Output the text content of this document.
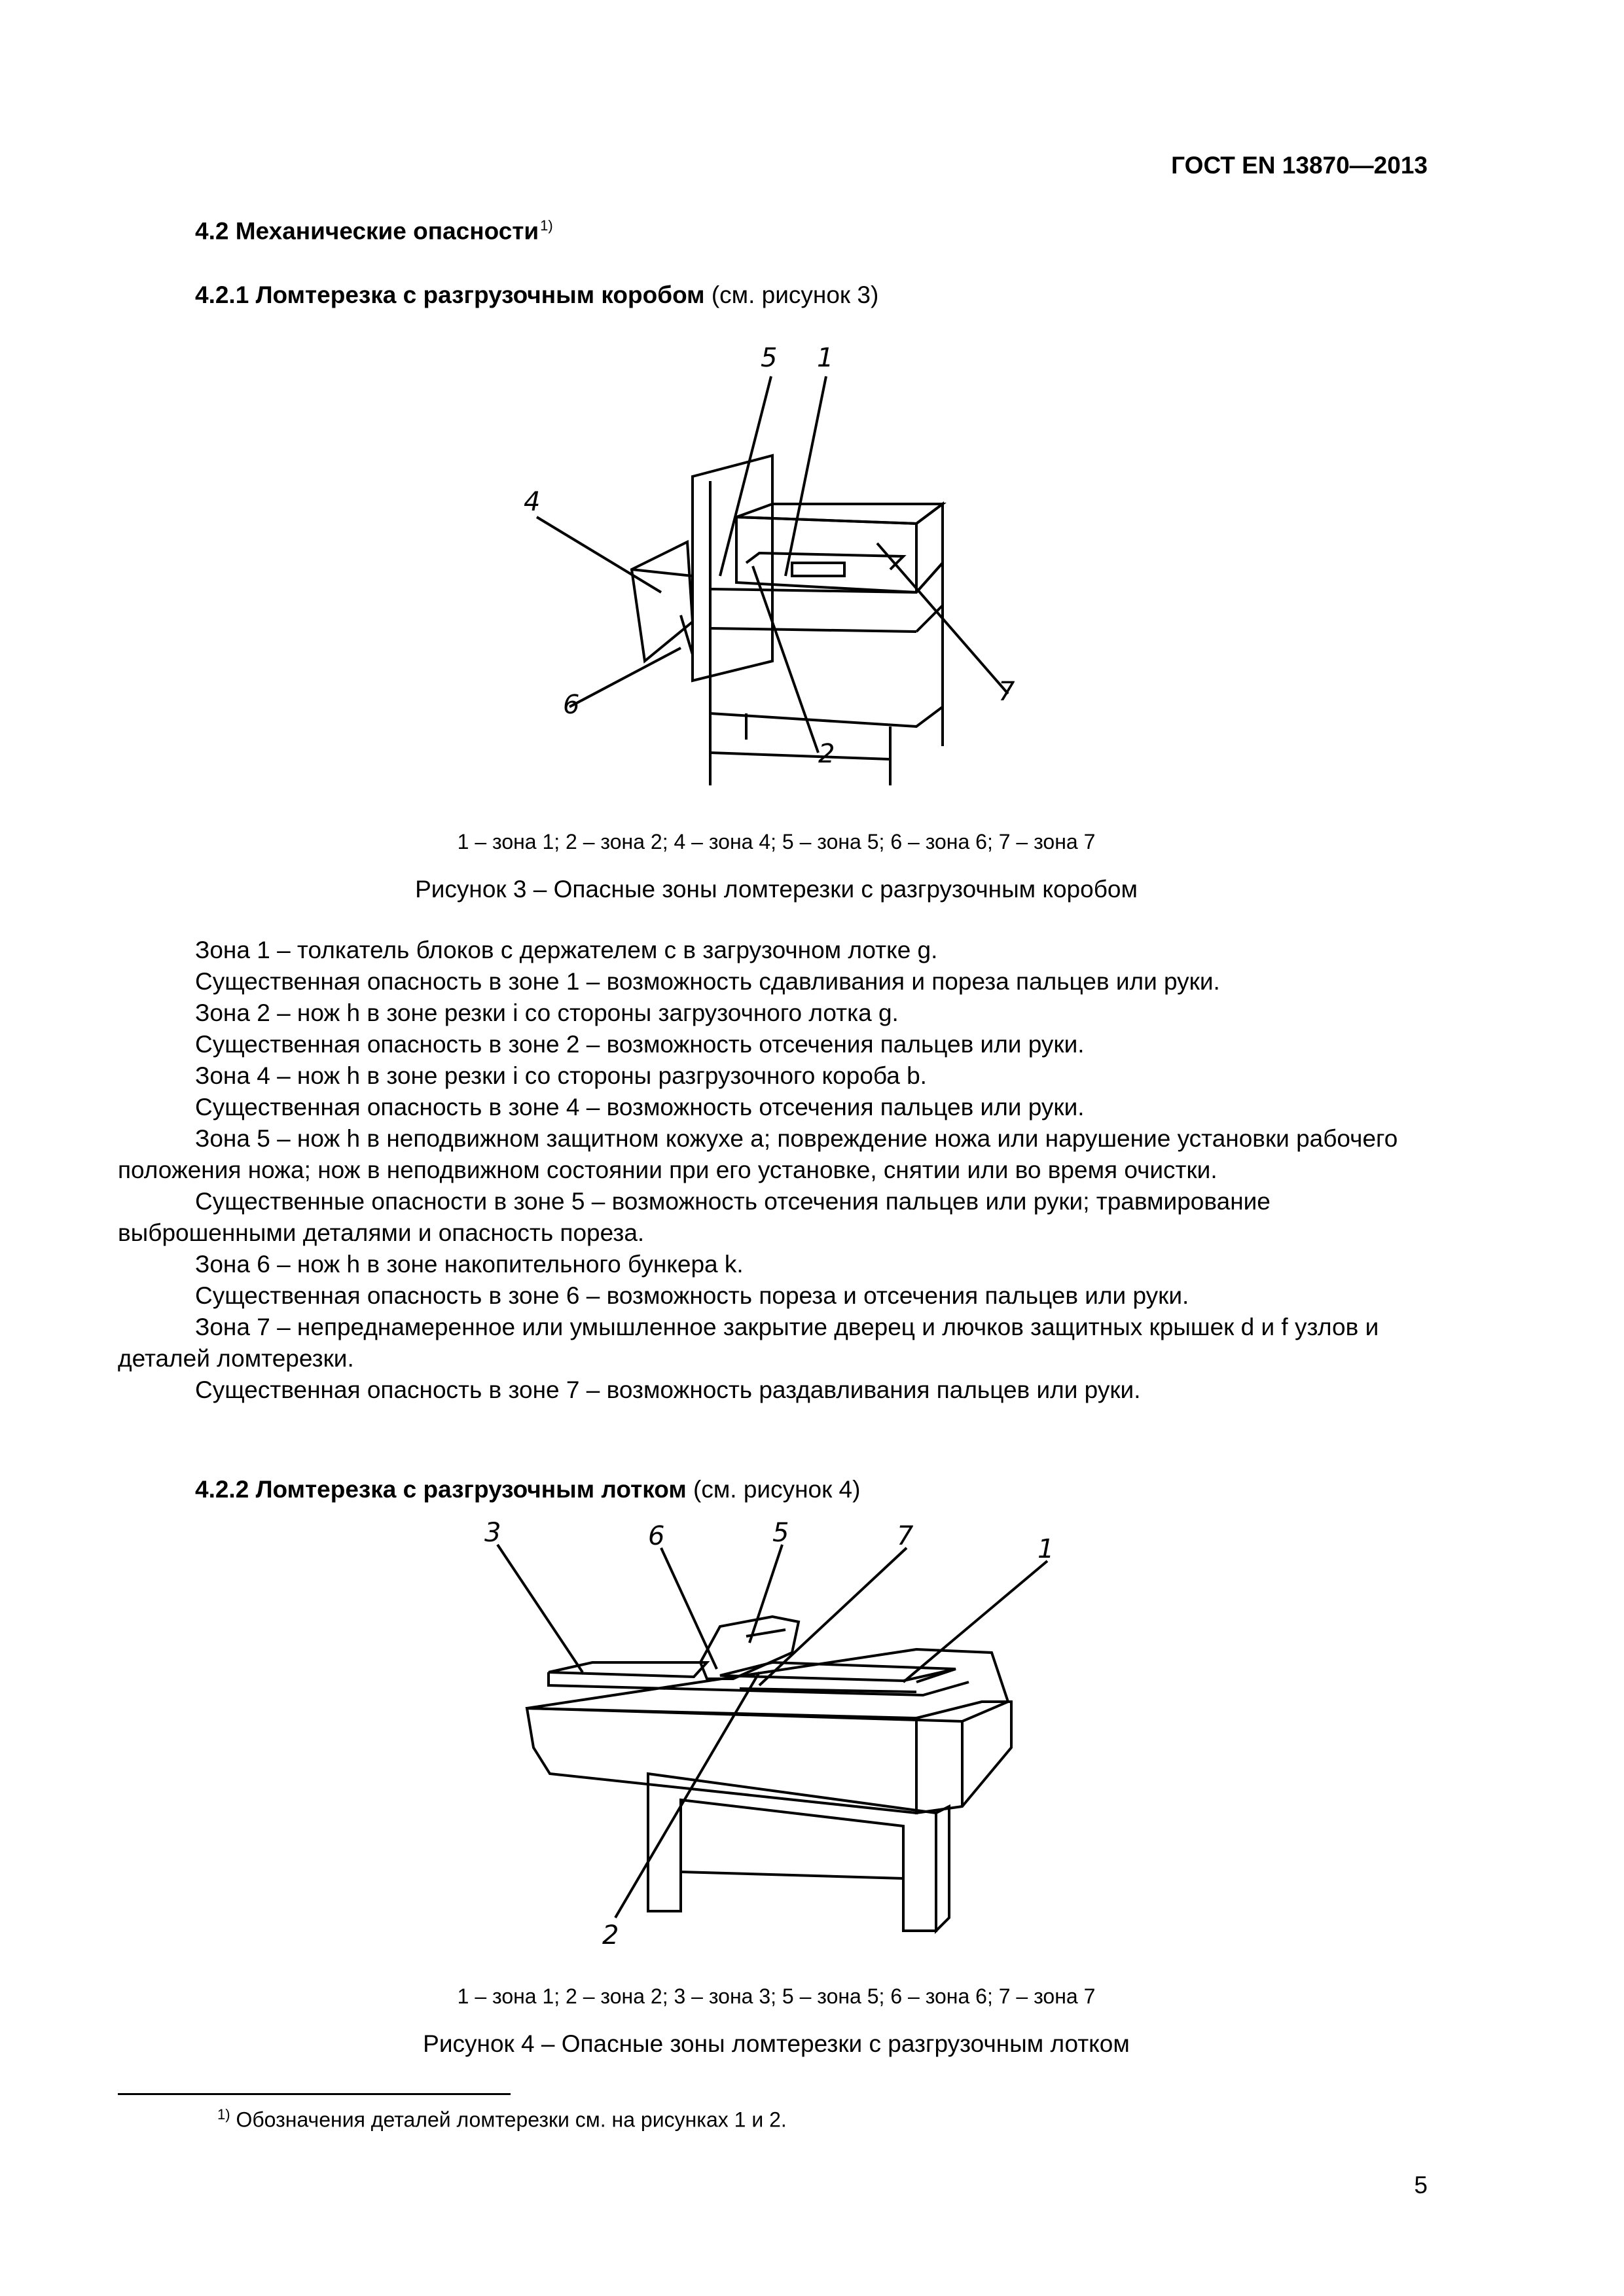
ГОСТ EN 13870—2013
4.2 Механические опасности$^{1)}$
4.2.1 Ломтерезка с разгрузочным коробом (см. рисунок 3)
5 1
4
7
6
2
1 – зона 1; 2 – зона 2; 4 – зона 4; 5 – зона 5; 6 – зона 6; 7 – зона 7
Рисунок 3 – Опасные зоны ломтерезки с разгрузочным коробом

Зона 1 – толкатель блоков с держателем c в загрузочном лотке g.

Существенная опасность в зоне 1 – возможность сдавливания и пореза пальцев или руки.

Зона 2 – нож h в зоне резки i со стороны загрузочного лотка g.

Существенная опасность в зоне 2 – возможность отсечения пальцев или руки.

Зона 4 – нож h в зоне резки i со стороны разгрузочного короба b.

Существенная опасность в зоне 4 – возможность отсечения пальцев или руки.

Зона 5 – нож h в неподвижном защитном кожухе a; повреждение ножа или нарушение установки рабочего положения ножа; нож в неподвижном состоянии при его установке, снятии или во время очистки.

Существенные опасности в зоне 5 – возможность отсечения пальцев или руки; травмирование выброшенными деталями и опасность пореза.

Зона 6 – нож h в зоне накопительного бункера k.

Существенная опасность в зоне 6 – возможность пореза и отсечения пальцев или руки.

Зона 7 – непреднамеренное или умышленное закрытие дверец и лючков защитных крышек d и f узлов и деталей ломтерезки.

Существенная опасность в зоне 7 – возможность раздавливания пальцев или руки.

4.2.2 Ломтерезка с разгрузочным лотком (см. рисунок 4)
3	6	5	7	1
2
1 – зона 1; 2 – зона 2; 3 – зона 3; 5 – зона 5; 6 – зона 6; 7 – зона 7
Рисунок 4 – Опасные зоны ломтерезки с разгрузочным лотком
$^{1)}$ Обозначения деталей ломтерезки см. на рисунках 1 и 2.
5
